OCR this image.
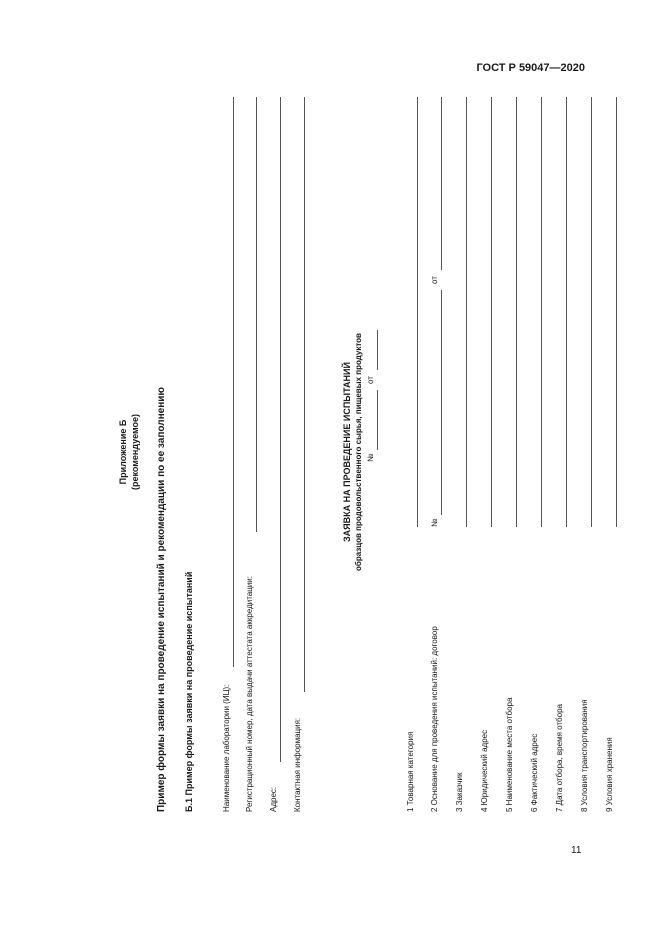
ГОСТ Р 59047—2020
11
Приложение Б (рекомендуемое) Пример формы заявки на проведение испытаний и рекомендации по ее заполнению Б.1 Пример формы заявки на проведение испытаний	Наименование лаборатории (ИЦ): Регистрационный номер, дата выдачи аттестата аккредитации: Адрес: Контактная информация:
ЗАЯВКА НА ПРОВЕДЕНИЕ ИСПЫТАНИЙ образцов продовольственного сырья, пищевых продуктов №
от
1 Товарная категория 2 Основание для проведения испытаний: договор
№
от
3 Заказчик 4 Юридический адрес 5 Наименование места отбора 6 Фактический адрес 7 Дата отбора, время отбора 8 Условия транспортирования 9 Условия хранения
